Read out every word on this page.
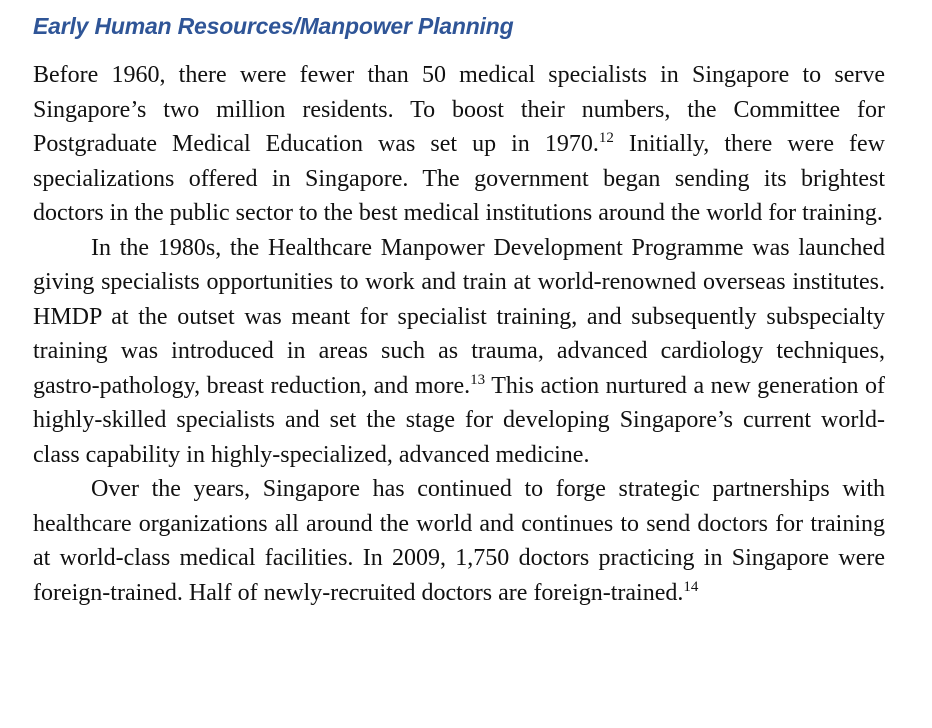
Early Human Resources/Manpower Planning

Before 1960, there were fewer than 50 medical specialists in Singapore to serve Singapore’s two million residents. To boost their numbers, the Committee for Postgraduate Medical Education was set up in 1970.12 Initially, there were few specializations offered in Singapore. The government began sending its brightest doctors in the public sector to the best medical institutions around the world for training.

In the 1980s, the Healthcare Manpower Development Programme was launched giving specialists opportunities to work and train at world-renowned overseas institutes. HMDP at the outset was meant for specialist training, and subsequently subspecialty training was introduced in areas such as trauma, advanced cardiology techniques, gastro-pathology, breast reduction, and more.$^{13}$ This action nurtured a new generation of highly-skilled specialists and set the stage for developing Singapore’s current world-class capability in highly-specialized, advanced medicine.

Over the years, Singapore has continued to forge strategic partnerships with healthcare organizations all around the world and continues to send doctors for training at world-class medical facilities. In 2009, 1,750 doctors practicing in Singapore were foreign-trained. Half of newly-recruited doctors are foreign-trained.$^{14}$
